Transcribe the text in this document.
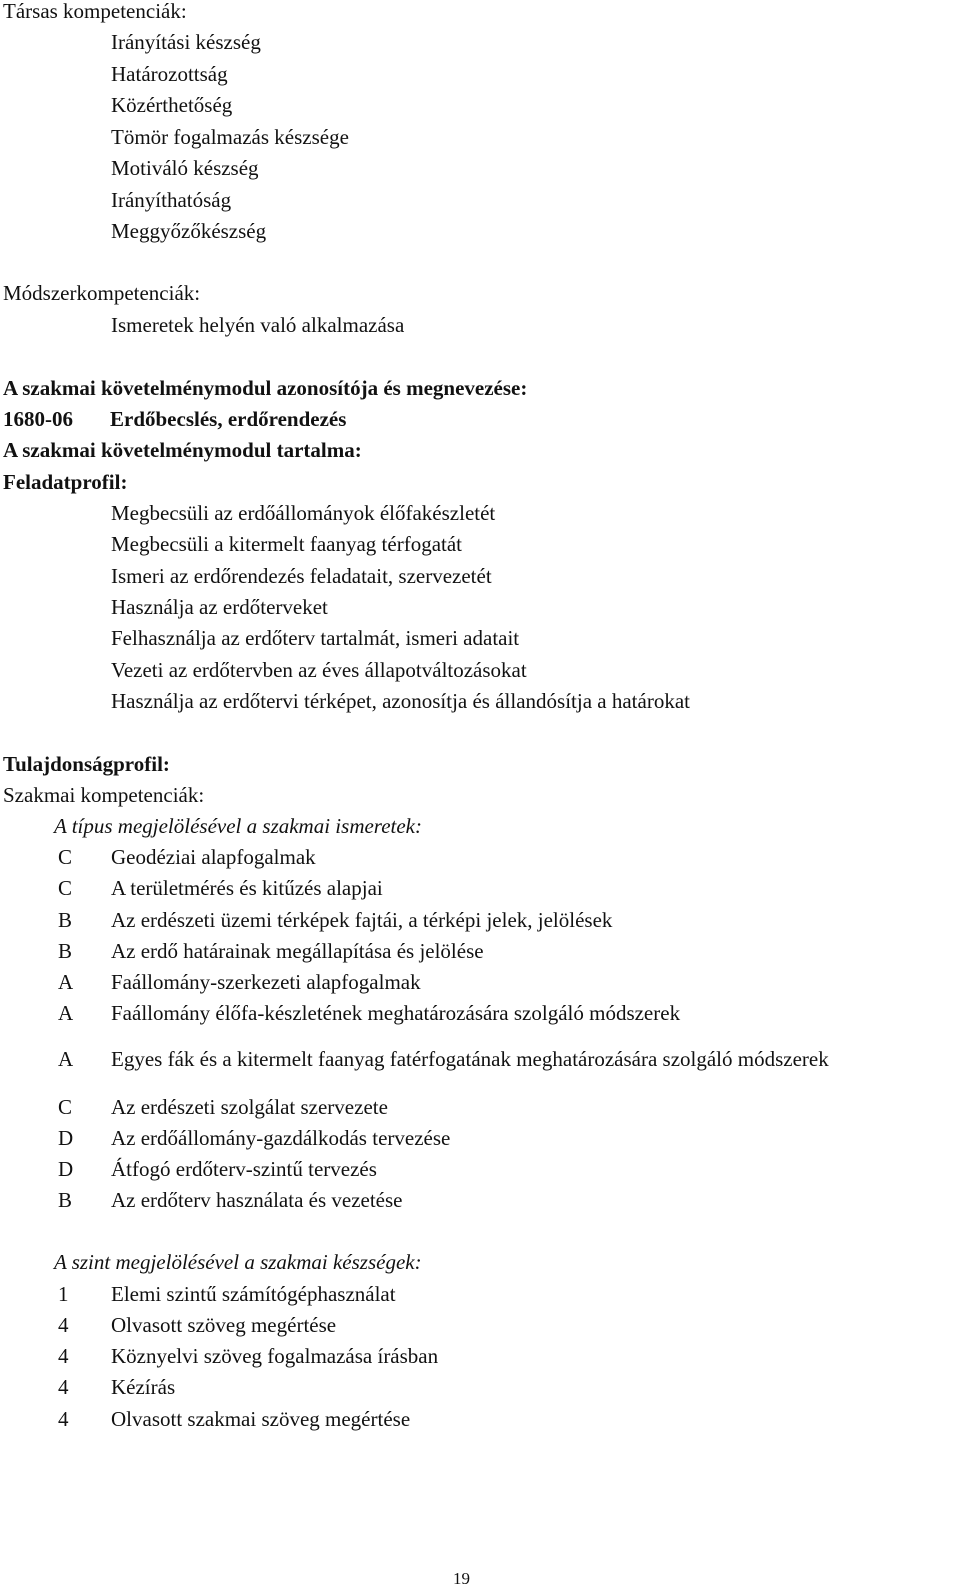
Társas kompetenciák:
Irányítási készség
Határozottság
Közérthetőség
Tömör fogalmazás készsége
Motiváló készség
Irányíthatóság
Meggyőzőkészség
Módszerkompetenciák:
Ismeretek helyén való alkalmazása
A szakmai követelménymodul azonosítója és megnevezése:
1680-06 Erdőbecslés, erdőrendezés
A szakmai követelménymodul tartalma:
Feladatprofil:
Megbecsüli az erdőállományok élőfakészletét
Megbecsüli a kitermelt faanyag térfogatát
Ismeri az erdőrendezés feladatait, szervezetét
Használja az erdőterveket
Felhasználja az erdőterv tartalmát, ismeri adatait
Vezeti az erdőtervben az éves állapotváltozásokat
Használja az erdőtervi térképet, azonosítja és állandósítja a határokat
Tulajdonságprofil:
Szakmai kompetenciák:
A típus megjelölésével a szakmai ismeretek:
C Geodéziai alapfogalmak
C A területmérés és kitűzés alapjai
B Az erdészeti üzemi térképek fajtái, a térképi jelek, jelölések
B Az erdő határainak megállapítása és jelölése
A Faállomány-szerkezeti alapfogalmak
A Faállomány élőfa-készletének meghatározására szolgáló módszerek
A Egyes fák és a kitermelt faanyag fatérfogatának meghatározására szolgáló módszerek
C Az erdészeti szolgálat szervezete
D Az erdőállomány-gazdálkodás tervezése
D Átfogó erdőterv-szintű tervezés
B Az erdőterv használata és vezetése
A szint megjelölésével a szakmai készségek:
1 Elemi szintű számítógéphasználat
4 Olvasott szöveg megértése
4 Köznyelvi szöveg fogalmazása írásban
4 Kézírás
4 Olvasott szakmai szöveg megértése
19
